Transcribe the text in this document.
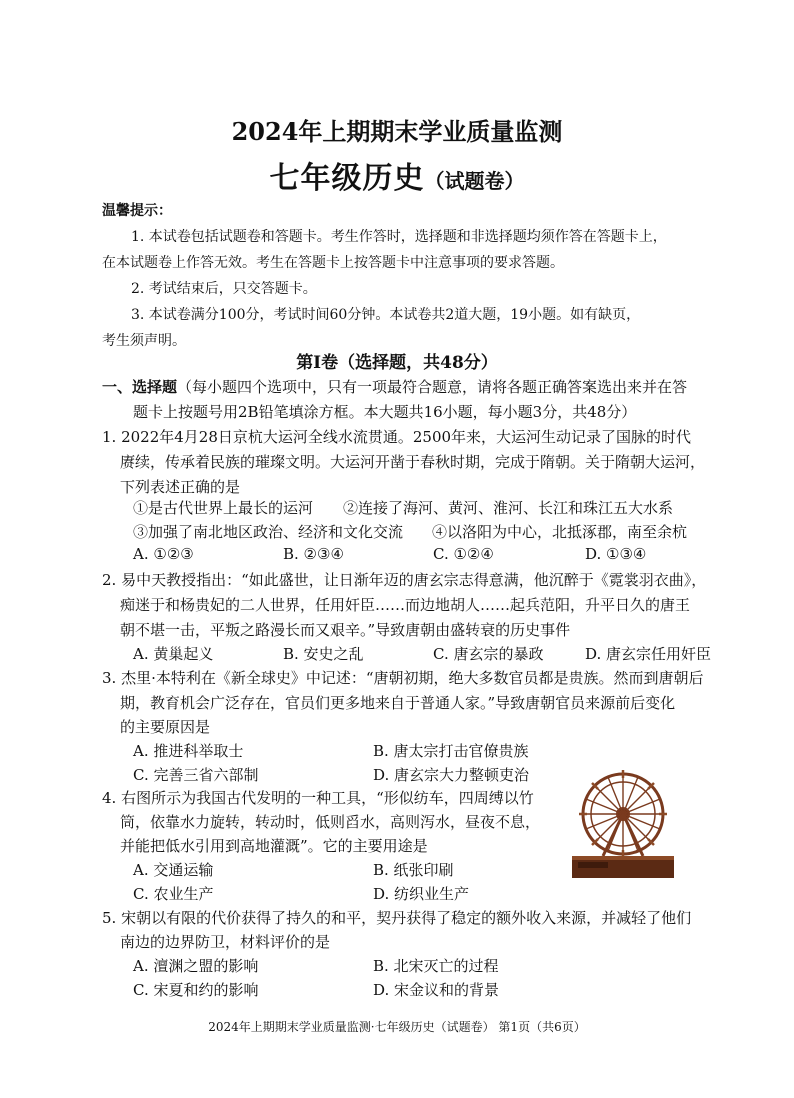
2024年上期期末学业质量监测
七年级历史（试题卷）
温馨提示：
1. 本试卷包括试题卷和答题卡。考生作答时，选择题和非选择题均须作答在答题卡上，
在本试题卷上作答无效。考生在答题卡上按答题卡中注意事项的要求答题。
2. 考试结束后，只交答题卡。
3. 本试卷满分100分，考试时间60分钟。本试卷共2道大题，19小题。如有缺页，
考生须声明。
第Ⅰ卷（选择题，共48分）
一、选择题（每小题四个选项中，只有一项最符合题意，请将各题正确答案选出来并在答
题卡上按题号用2B铅笔填涂方框。本大题共16小题，每小题3分，共48分）
1. 2022年4月28日京杭大运河全线水流贯通。2500年来，大运河生动记录了国脉的时代
赓续，传承着民族的璀璨文明。大运河开凿于春秋时期，完成于隋朝。关于隋朝大运河，
下列表述正确的是
①是古代世界上最长的运河 ②连接了海河、黄河、淮河、长江和珠江五大水系
③加强了南北地区政治、经济和文化交流 ④以洛阳为中心，北抵涿郡，南至余杭
A. ①②③	B. ②③④	C. ①②④	D. ①③④
2. 易中天教授指出：“如此盛世，让日渐年迈的唐玄宗志得意满，他沉醉于《霓裳羽衣曲》，
痴迷于和杨贵妃的二人世界，任用奸臣……而边地胡人……起兵范阳，升平日久的唐王
朝不堪一击，平叛之路漫长而又艰辛。”导致唐朝由盛转衰的历史事件
A. 黄巢起义	B. 安史之乱	C. 唐玄宗的暴政	D. 唐玄宗任用奸臣
3. 杰里·本特利在《新全球史》中记述：“唐朝初期，绝大多数官员都是贵族。然而到唐朝后
期，教育机会广泛存在，官员们更多地来自于普通人家。”导致唐朝官员来源前后变化
的主要原因是
A. 推进科举取士	B. 唐太宗打击官僚贵族
C. 完善三省六部制	D. 唐玄宗大力整顿吏治
4. 右图所示为我国古代发明的一种工具，“形似纺车，四周缚以竹
筒，依靠水力旋转，转动时，低则舀水，高则泻水，昼夜不息，
并能把低水引用到高地灌溉”。它的主要用途是
A. 交通运输	B. 纸张印刷
C. 农业生产	D. 纺织业生产
5. 宋朝以有限的代价获得了持久的和平，契丹获得了稳定的额外收入来源，并减轻了他们
南边的边界防卫，材料评价的是
A. 澶渊之盟的影响	B. 北宋灭亡的过程
C. 宋夏和约的影响	D. 宋金议和的背景
2024年上期期末学业质量监测·七年级历史（试题卷） 第1页（共6页）
